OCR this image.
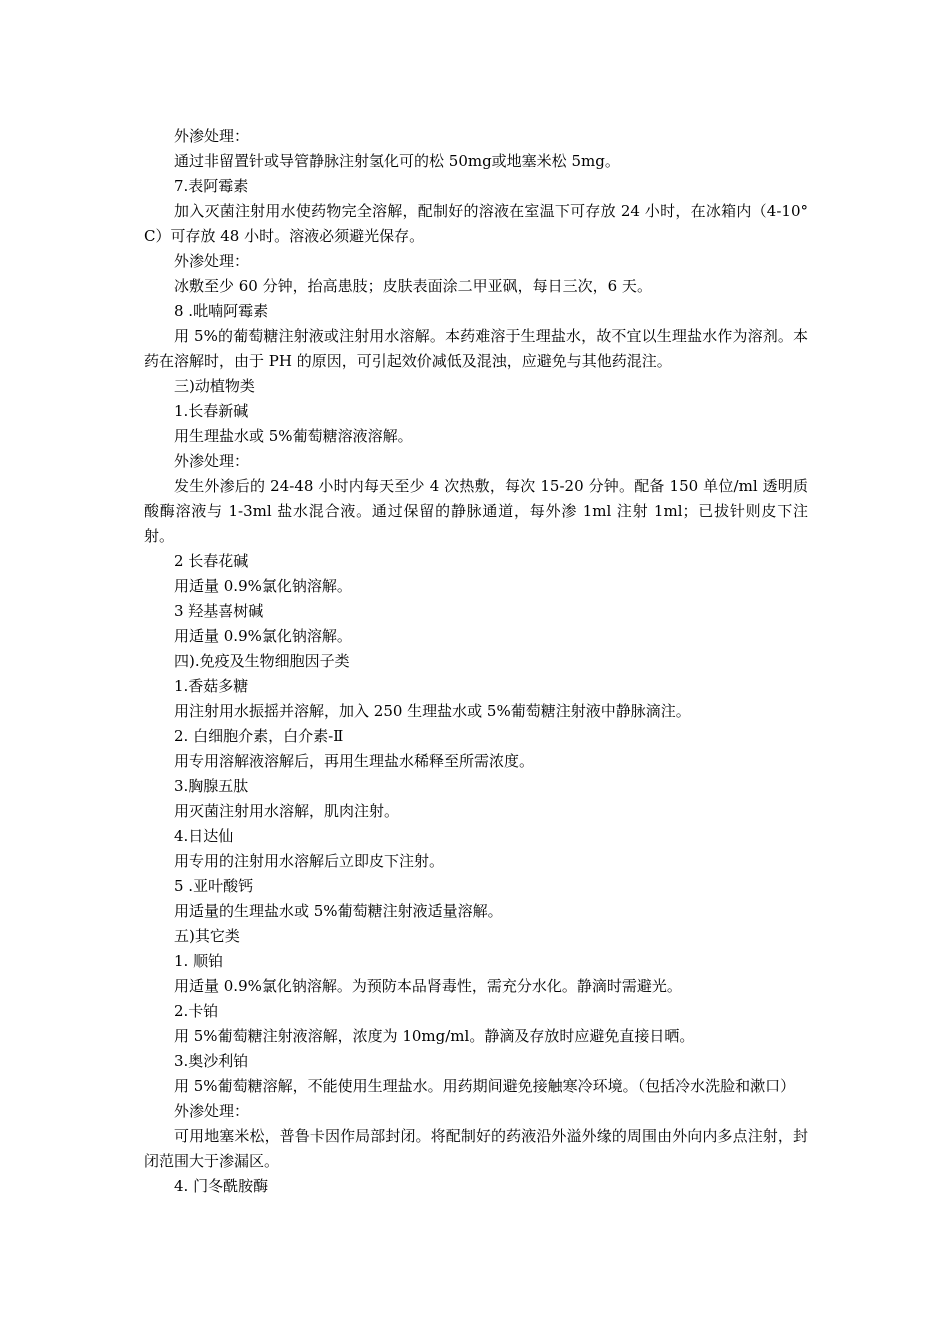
外渗处理：

通过非留置针或导管静脉注射氢化可的松 50mg或地塞米松 5mg。

7.表阿霉素

加入灭菌注射用水使药物完全溶解，配制好的溶液在室温下可存放 24 小时，在冰箱内（4-10°C）可存放 48 小时。溶液必须避光保存。

外渗处理：

冰敷至少 60 分钟，抬高患肢；皮肤表面涂二甲亚砜，每日三次，6 天。

8 .吡喃阿霉素

用 5%的葡萄糖注射液或注射用水溶解。本药难溶于生理盐水，故不宜以生理盐水作为溶剂。本药在溶解时，由于 PH 的原因，可引起效价减低及混浊，应避免与其他药混注。

三)动植物类

1.长春新碱

用生理盐水或 5%葡萄糖溶液溶解。

外渗处理：

发生外渗后的 24-48 小时内每天至少 4 次热敷，每次 15-20 分钟。配备 150 单位/ml 透明质酸酶溶液与 1-3ml 盐水混合液。通过保留的静脉通道，每外渗 1ml 注射 1ml；已拔针则皮下注射。

2 长春花碱

用适量 0.9%氯化钠溶解。

3 羟基喜树碱

用适量 0.9%氯化钠溶解。

四).免疫及生物细胞因子类

1.香菇多糖

用注射用水振摇并溶解，加入 250 生理盐水或 5%葡萄糖注射液中静脉滴注。

2. 白细胞介素，白介素-Ⅱ

用专用溶解液溶解后，再用生理盐水稀释至所需浓度。

3.胸腺五肽

用灭菌注射用水溶解，肌肉注射。

4.日达仙

用专用的注射用水溶解后立即皮下注射。

5 .亚叶酸钙

用适量的生理盐水或 5%葡萄糖注射液适量溶解。

五)其它类

1. 顺铂

用适量 0.9%氯化钠溶解。为预防本品肾毒性，需充分水化。静滴时需避光。

2.卡铂

用 5%葡萄糖注射液溶解，浓度为 10mg/ml。静滴及存放时应避免直接日晒。

3.奥沙利铂

用 5%葡萄糖溶解，不能使用生理盐水。用药期间避免接触寒冷环境。（包括冷水洗脸和漱口）

外渗处理：

可用地塞米松，普鲁卡因作局部封闭。将配制好的药液沿外溢外缘的周围由外向内多点注射，封闭范围大于渗漏区。

4. 门冬酰胺酶
